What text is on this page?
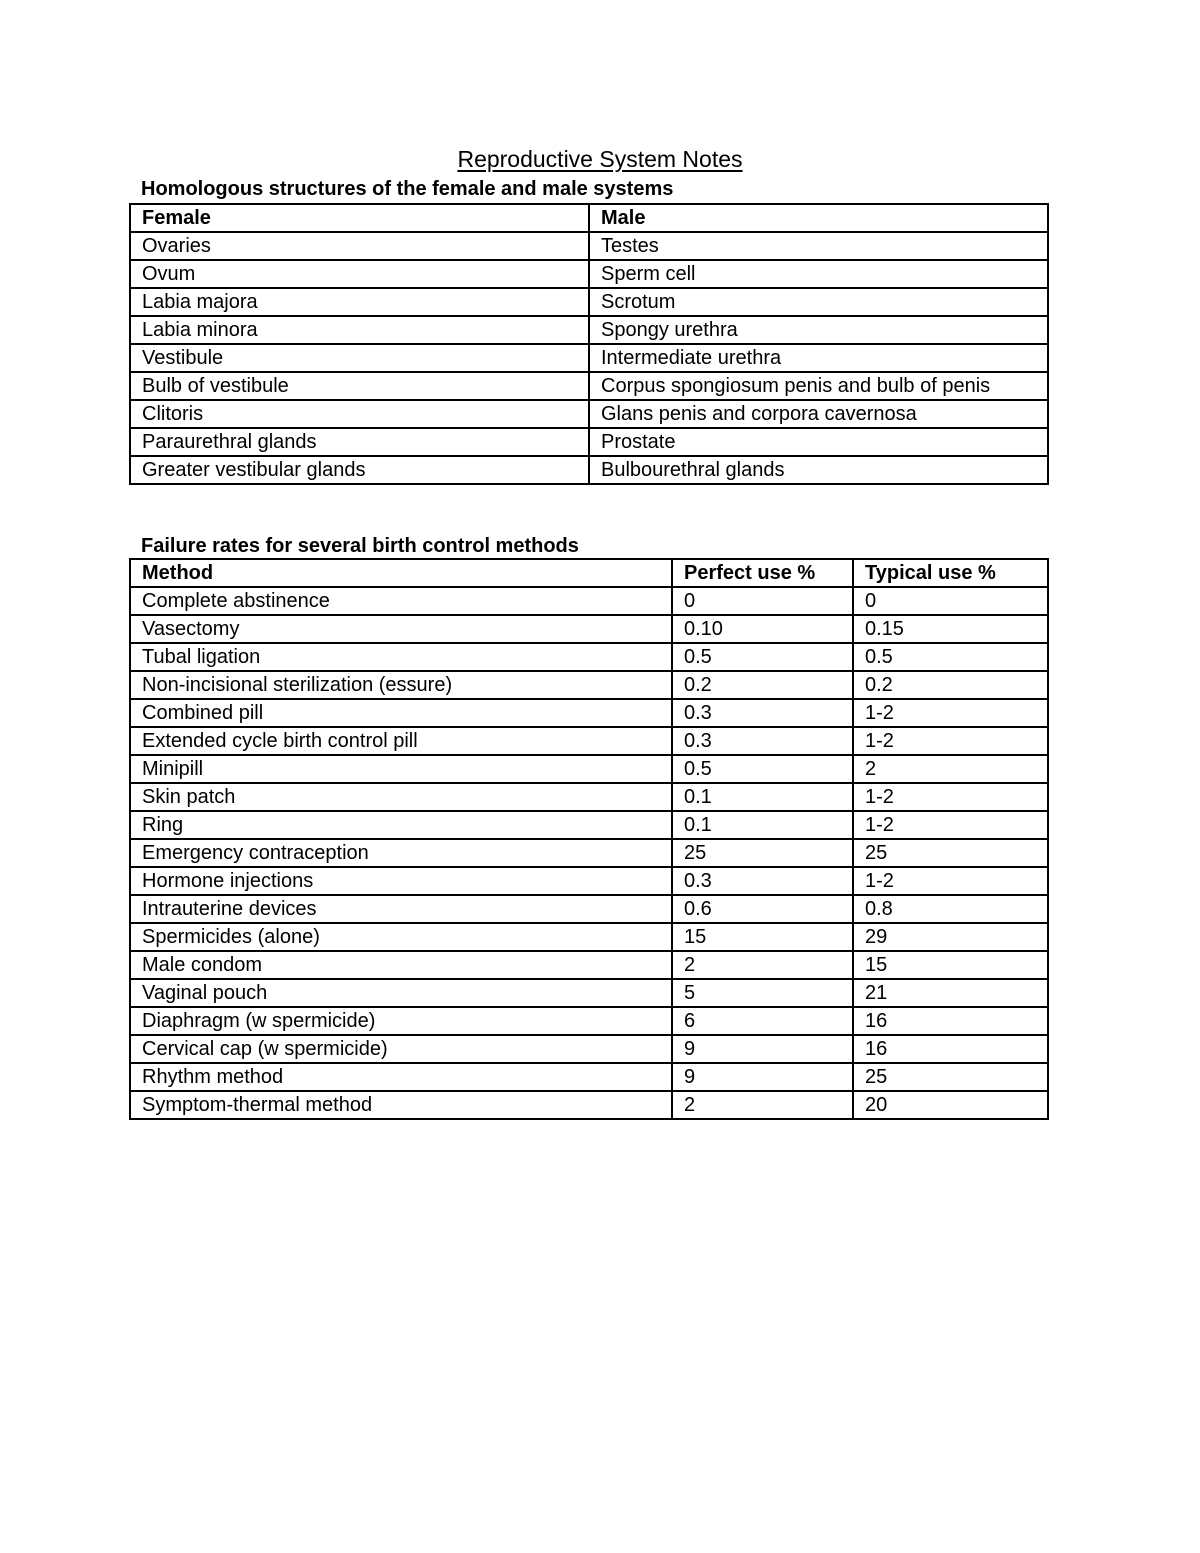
Reproductive System Notes
Homologous structures of the female and male systems
Female	Male
Ovaries	Testes
Ovum	Sperm cell
Labia majora	Scrotum
Labia minora	Spongy urethra
Vestibule	Intermediate urethra
Bulb of vestibule	Corpus spongiosum penis and bulb of penis
Clitoris	Glans penis and corpora cavernosa
Paraurethral glands	Prostate
Greater vestibular glands	Bulbourethral glands
Failure rates for several birth control methods
Method	Perfect use %	Typical use %
Complete abstinence	0	0
Vasectomy	0.10	0.15
Tubal ligation	0.5	0.5
Non-incisional sterilization (essure)	0.2	0.2
Combined pill	0.3	1-2
Extended cycle birth control pill	0.3	1-2
Minipill	0.5	2
Skin patch	0.1	1-2
Ring	0.1	1-2
Emergency contraception	25	25
Hormone injections	0.3	1-2
Intrauterine devices	0.6	0.8
Spermicides (alone)	15	29
Male condom	2	15
Vaginal pouch	5	21
Diaphragm (w spermicide)	6	16
Cervical cap (w spermicide)	9	16
Rhythm method	9	25
Symptom-thermal method	2	20
